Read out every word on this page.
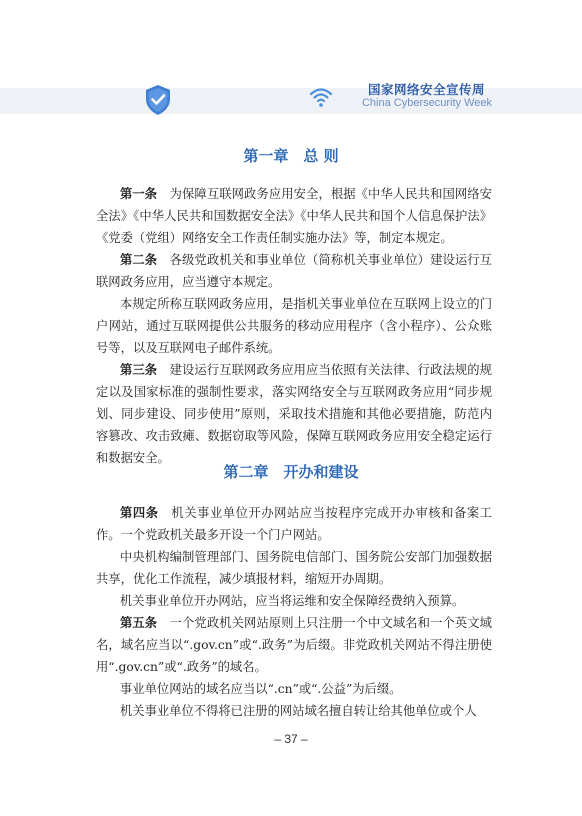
国家网络安全宣传周
China Cybersecurity Week
第一章　总 则
第一条　 为保障互联网政务应用安全，根据《中华人民共和国网络安全法》《中华人民共和国数据安全法》《中华人民共和国个人信息保护法》《党委（党组）网络安全工作责任制实施办法》等，制定本规定。
第二条　 各级党政机关和事业单位（简称机关事业单位）建设运行互联网政务应用，应当遵守本规定。
本规定所称互联网政务应用，是指机关事业单位在互联网上设立的门户网站，通过互联网提供公共服务的移动应用程序（含小程序）、公众账号等，以及互联网电子邮件系统。
第三条　 建设运行互联网政务应用应当依照有关法律、行政法规的规定以及国家标准的强制性要求，落实网络安全与互联网政务应用“同步规划、同步建设、同步使用”原则，采取技术措施和其他必要措施，防范内容篡改、攻击致瘫、数据窃取等风险，保障互联网政务应用安全稳定运行和数据安全。
第二章　开办和建设
第四条　 机关事业单位开办网站应当按程序完成开办审核和备案工作。一个党政机关最多开设一个门户网站。
中央机构编制管理部门、国务院电信部门、国务院公安部门加强数据共享，优化工作流程，减少填报材料，缩短开办周期。
机关事业单位开办网站，应当将运维和安全保障经费纳入预算。
第五条　 一个党政机关网站原则上只注册一个中文域名和一个英文域名，域名应当以“.gov.cn”或“.政务”为后缀。非党政机关网站不得注册使用“.gov.cn”或“.政务”的域名。
事业单位网站的域名应当以“.cn”或“.公益”为后缀。
机关事业单位不得将已注册的网站域名擅自转让给其他单位或个人
– 37 –
